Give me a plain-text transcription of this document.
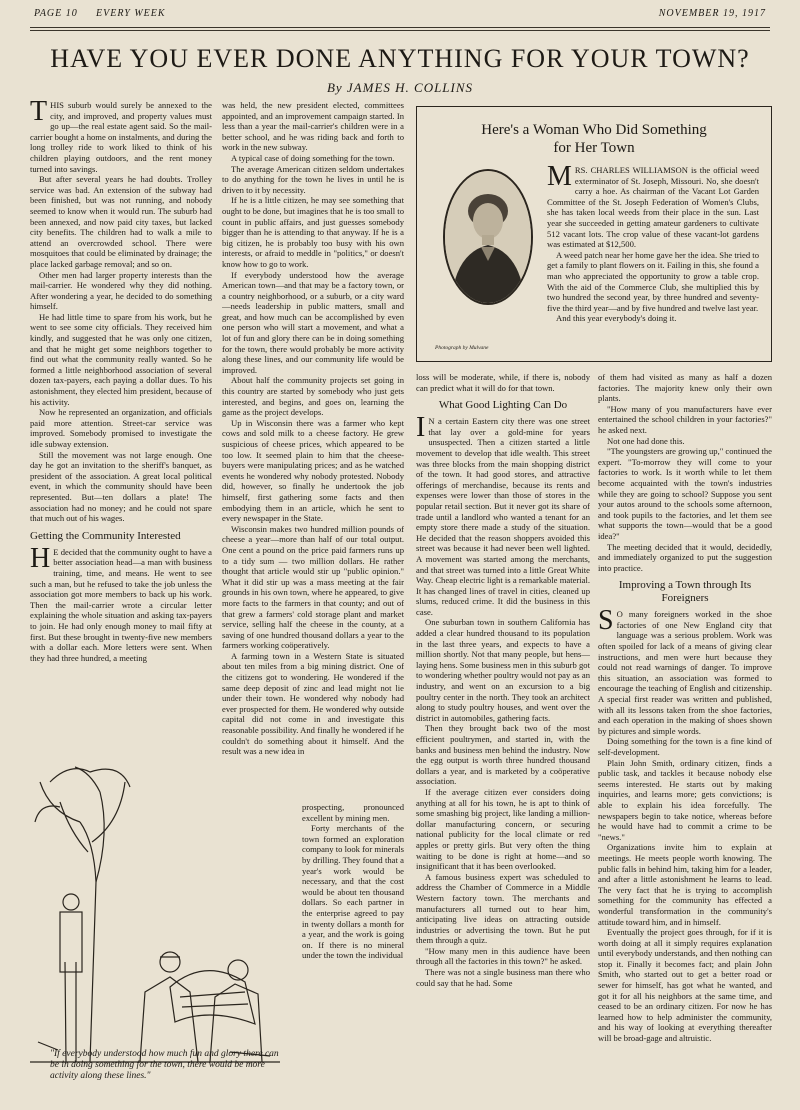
PAGE 10 EVERY WEEK	NOVEMBER 19, 1917
HAVE YOU EVER DONE ANYTHING FOR YOUR TOWN?
By JAMES H. COLLINS

THIS suburb would surely be annexed to the city, and improved, and property values must go up—the real estate agent said. So the mail-carrier bought a home on instalments, and during the long trolley ride to work liked to think of his children playing outdoors, and the rent money turned into savings.

But after several years he had doubts. Trolley service was bad. An extension of the subway had been finished, but was not running, and nobody seemed to know when it would run. The suburb had been annexed, and now paid city taxes, but lacked city benefits. The children had to walk a mile to attend an overcrowded school. There were mosquitoes that could be eliminated by drainage; the place lacked garbage removal; and so on.

Other men had larger property interests than the mail-carrier. He wondered why they did nothing. After wondering a year, he decided to do something himself.

He had little time to spare from his work, but he went to see some city officials. They received him kindly, and suggested that he was only one citizen, and that he might get some neighbors together to find out what the community really wanted. So he formed a little neighborhood association of several dozen tax-payers, each paying a dollar dues. To his astonishment, they elected him president, because of his activity.

Now he represented an organization, and officials paid more attention. Street-car service was improved. Somebody promised to investigate the idle subway extension.

Still the movement was not large enough. One day he got an invitation to the sheriff's banquet, as president of the association. A great local political event, in which the community should have been represented. But—ten dollars a plate! The association had no money; and he could not spare that much out of his wages.

Getting the Community Interested

H E decided that the community ought to have a better association head—a man with business training, time, and means. He went to see such a man, but he refused to take the job unless the association got more members to back up his work. Then the mail-carrier wrote a circular letter explaining the whole situation and asking tax-payers to join. He had only enough money to mail fifty at first. But these brought in twenty-five new members with a dollar each. More letters were sent. When they had three hundred, a meeting

was held, the new president elected, committees appointed, and an improvement campaign started. In less than a year the mail-carrier's children were in a better school, and he was riding back and forth to work in the new subway.

A typical case of doing something for the town.

The average American citizen seldom undertakes to do anything for the town he lives in until he is driven to it by necessity.

If he is a little citizen, he may see something that ought to be done, but imagines that he is too small to count in public affairs, and just guesses somebody bigger than he is attending to that anyway. If he is a big citizen, he is probably too busy with his own interests, or afraid to meddle in "politics," or doesn't know how to go to work.

If everybody understood how the average American town—and that may be a factory town, or a country neighborhood, or a suburb, or a city ward—needs leadership in public matters, small and great, and how much can be accomplished by even one person who will start a movement, and what a lot of fun and glory there can be in doing something for the town, there would probably be more activity along these lines, and our community life would be improved.

About half the community projects set going in this country are started by somebody who just gets interested, and begins, and goes on, learning the game as the project develops.

Up in Wisconsin there was a farmer who kept cows and sold milk to a cheese factory. He grew suspicious of cheese prices, which appeared to be too low. It seemed plain to him that the cheese-buyers were manipulating prices; and as he watched events he wondered why nobody protested. Nobody did, however, so finally he undertook the job himself, first gathering some facts and then embodying them in an article, which he sent to every newspaper in the State.

Wisconsin makes two hundred million pounds of cheese a year—more than half of our total output. One cent a pound on the price paid farmers runs up to a tidy sum — two million dollars. He rather thought that article would stir up "public opinion." What it did stir up was a mass meeting at the fair grounds in his own town, where he appeared, to give more facts to the farmers in that county; and out of that grew a farmers' cold storage plant and market service, selling half the cheese in the county, at a saving of one hundred thousand dollars a year to the farmers working coöperatively.

A farming town in a Western State is situated about ten miles from a big mining district. One of the citizens got to wondering. He wondered if the same deep deposit of zinc and lead might not lie under their town. He wondered why nobody had ever prospected for them. He wondered why outside capital did not come in and investigate this reasonable possibility. And finally he wondered if he couldn't do something about it himself. And the result was a new idea in

prospecting, pronounced excellent by mining men.

Forty merchants of the town formed an exploration company to look for minerals by drilling. They found that a year's work would be necessary, and that the cost would be about ten thousand dollars. So each partner in the enterprise agreed to pay in twenty dollars a month for a year, and the work is going on. If there is no mineral under the town the individual

Here's a Woman Who Did Something
for Her Town

MRS. CHARLES WILLIAMSON is the official weed exterminator of St. Joseph, Missouri. No, she doesn't carry a hoe. As chairman of the Vacant Lot Garden Committee of the St. Joseph Federation of Women's Clubs, she has taken local weeds from their place in the sun. Last year she succeeded in getting amateur gardeners to cultivate 512 vacant lots. The crop value of these vacant-lot gardens was estimated at $12,500.

A weed patch near her home gave her the idea. She tried to get a family to plant flowers on it. Failing in this, she found a man who appreciated the opportunity to grow a table crop. With the aid of the Commerce Club, she multiplied this by two hundred the second year, by three hundred and seventy-five the third year—and by five hundred and twelve last year.

And this year everybody's doing it.

Photograph by Mulvane

loss will be moderate, while, if there is, nobody can predict what it will do for that town.

What Good Lighting Can Do

I N a certain Eastern city there was one street that lay over a gold-mine for years unsuspected. Then a citizen started a little movement to develop that idle wealth. This street was three blocks from the main shopping district of the town. It had good stores, and attractive offerings of merchandise, because its rents and expenses were lower than those of stores in the popular retail section. But it never got its share of trade until a landlord who wanted a tenant for an empty store there made a study of the situation. He decided that the reason shoppers avoided this street was because it had never been well lighted. A movement was started among the merchants, and that street was turned into a little Great White Way. Cheap electric light is a remarkable material. It has changed lines of travel in cities, cleaned up slums, reduced crime. It did the business in this case.

One suburban town in southern California has added a clear hundred thousand to its population in the last three years, and expects to have a million shortly. Not that many people, but hens—laying hens. Some business men in this suburb got to wondering whether poultry would not pay as an industry, and went on an excursion to a big poultry center in the north. They took an architect along to study poultry houses, and went over the district in automobiles, gathering facts.

Then they brought back two of the most efficient poultrymen, and started in, with the banks and business men behind the industry. Now the egg output is worth three hundred thousand dollars a year, and is marketed by a coöperative association.

If the average citizen ever considers doing anything at all for his town, he is apt to think of some smashing big project, like landing a million-dollar manufacturing concern, or securing national publicity for the local climate or red apples or pretty girls. But very often the thing waiting to be done is right at home—and so insignificant that it has been overlooked.

A famous business expert was scheduled to address the Chamber of Commerce in a Middle Western factory town. The merchants and manufacturers all turned out to hear him, anticipating live ideas on attracting outside industries or advertising the town. But he put them through a quiz.

"How many men in this audience have been through all the factories in this town?" he asked.

There was not a single business man there who could say that he had. Some

of them had visited as many as half a dozen factories. The majority knew only their own plants.

"How many of you manufacturers have ever entertained the school children in your factories?" he asked next.

Not one had done this.

"The youngsters are growing up," continued the expert. "To-morrow they will come to your factories to work. Is it worth while to let them become acquainted with the town's industries while they are going to school? Suppose you sent your autos around to the schools some afternoon, and took pupils to the factories, and let them see what supports the town—would that be a good idea?"

The meeting decided that it would, decidedly, and immediately organized to put the suggestion into practice.

Improving a Town through Its
Foreigners

S O many foreigners worked in the shoe factories of one New England city that language was a serious problem. Work was often spoiled for lack of a means of giving clear instructions, and men were hurt because they could not read warnings of danger. To improve this situation, an association was formed to encourage the teaching of English and citizenship. A special first reader was written and published, with all its lessons taken from the shoe factories, and each operation in the making of shoes shown by pictures and simple words.

Doing something for the town is a fine kind of self-development.

Plain John Smith, ordinary citizen, finds a public task, and tackles it because nobody else seems interested. He starts out by making inquiries, and learns more; gets convictions; is able to explain his idea forcefully. The newspapers begin to take notice, whereas before he would have had to commit a crime to be "news."

Organizations invite him to explain at meetings. He meets people worth knowing. The public falls in behind him, taking him for a leader, and after a little astonishment he learns to lead. The very fact that he is trying to accomplish something for the community has effected a wonderful transformation in the community's attitude toward him, and in himself.

Eventually the project goes through, for if it is worth doing at all it simply requires explanation until everybody understands, and then nothing can stop it. Finally it becomes fact; and plain John Smith, who started out to get a better road or sewer for himself, has got what he wanted, and got it for all his neighbors at the same time, and ceased to be an ordinary citizen. For now he has learned how to help administer the community, and his way of looking at everything thereafter will be broad-gage and altruistic.

"If everybody understood how much fun and glory there can be in doing something for the town, there would be more activity along these lines."
